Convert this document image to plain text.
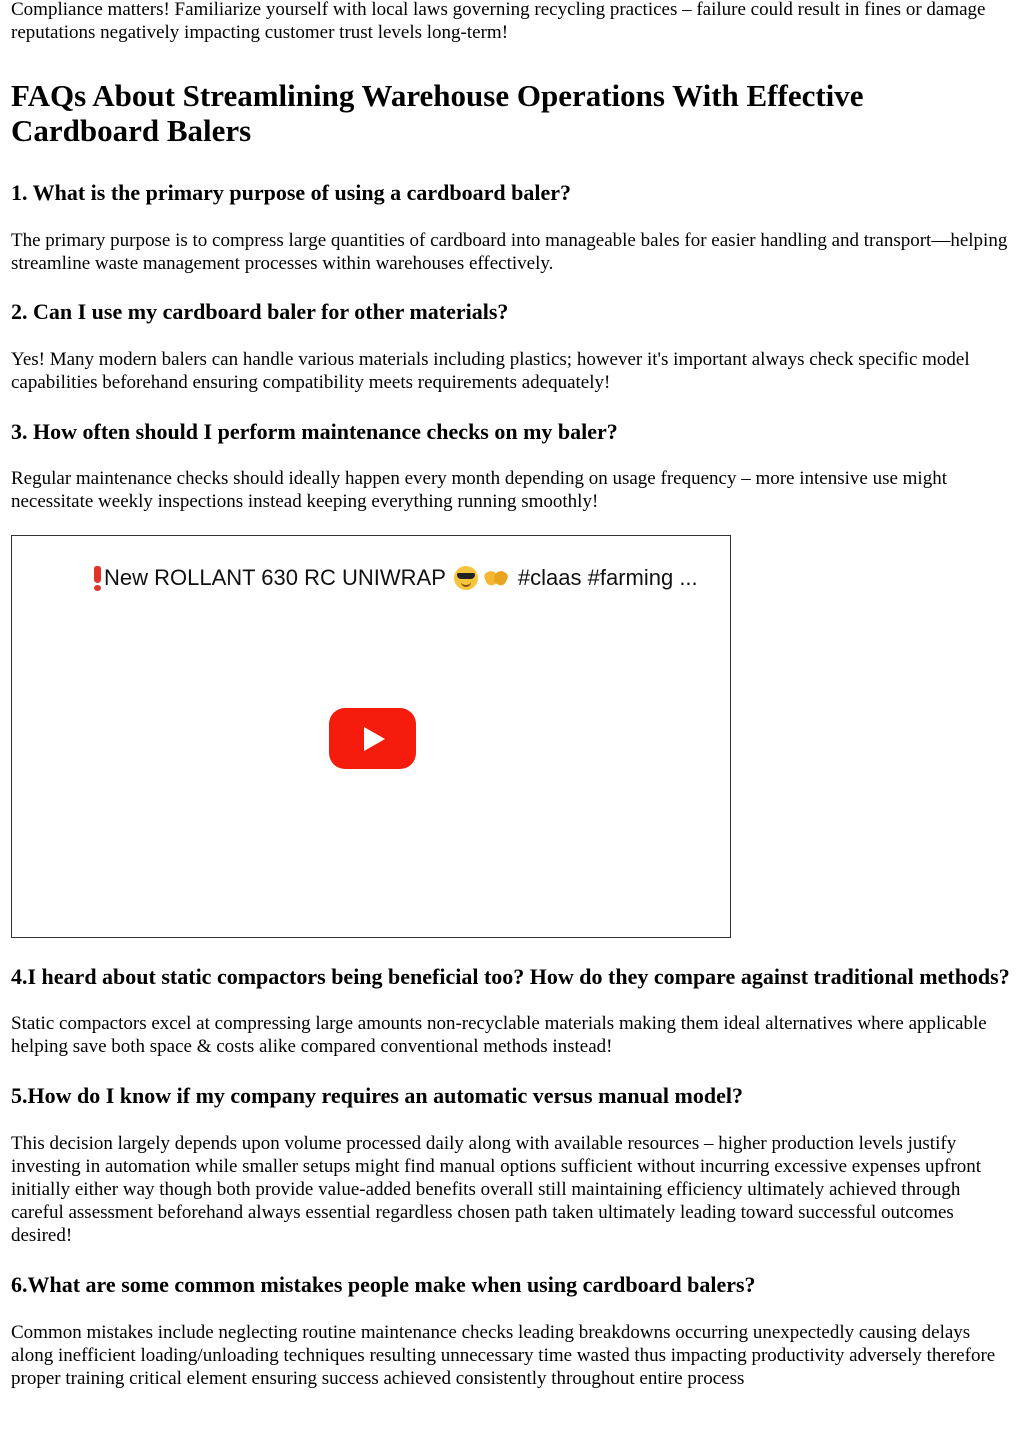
Compliance matters! Familiarize yourself with local laws governing recycling practices – failure could result in fines or damage reputations negatively impacting customer trust levels long-term!

FAQs About Streamlining Warehouse Operations With Effective Cardboard Balers
1. What is the primary purpose of using a cardboard baler?

The primary purpose is to compress large quantities of cardboard into manageable bales for easier handling and transport—helping streamline waste management processes within warehouses effectively.

2. Can I use my cardboard baler for other materials?

Yes! Many modern balers can handle various materials including plastics; however it's important always check specific model capabilities beforehand ensuring compatibility meets requirements adequately!

3. How often should I perform maintenance checks on my baler?

Regular maintenance checks should ideally happen every month depending on usage frequency – more intensive use might necessitate weekly inspections instead keeping everything running smoothly!

New ROLLANT 630 RC UNIWRAP	#claas #farming ...
4.I heard about static compactors being beneficial too? How do they compare against traditional methods?

Static compactors excel at compressing large amounts non-recyclable materials making them ideal alternatives where applicable helping save both space & costs alike compared conventional methods instead!

5.How do I know if my company requires an automatic versus manual model?

This decision largely depends upon volume processed daily along with available resources – higher production levels justify investing in automation while smaller setups might find manual options sufficient without incurring excessive expenses upfront initially either way though both provide value-added benefits overall still maintaining efficiency ultimately achieved through careful assessment beforehand always essential regardless chosen path taken ultimately leading toward successful outcomes desired!

6.What are some common mistakes people make when using cardboard balers?

Common mistakes include neglecting routine maintenance checks leading breakdowns occurring unexpectedly causing delays along inefficient loading/unloading techniques resulting unnecessary time wasted thus impacting productivity adversely therefore proper training critical element ensuring success achieved consistently throughout entire process
